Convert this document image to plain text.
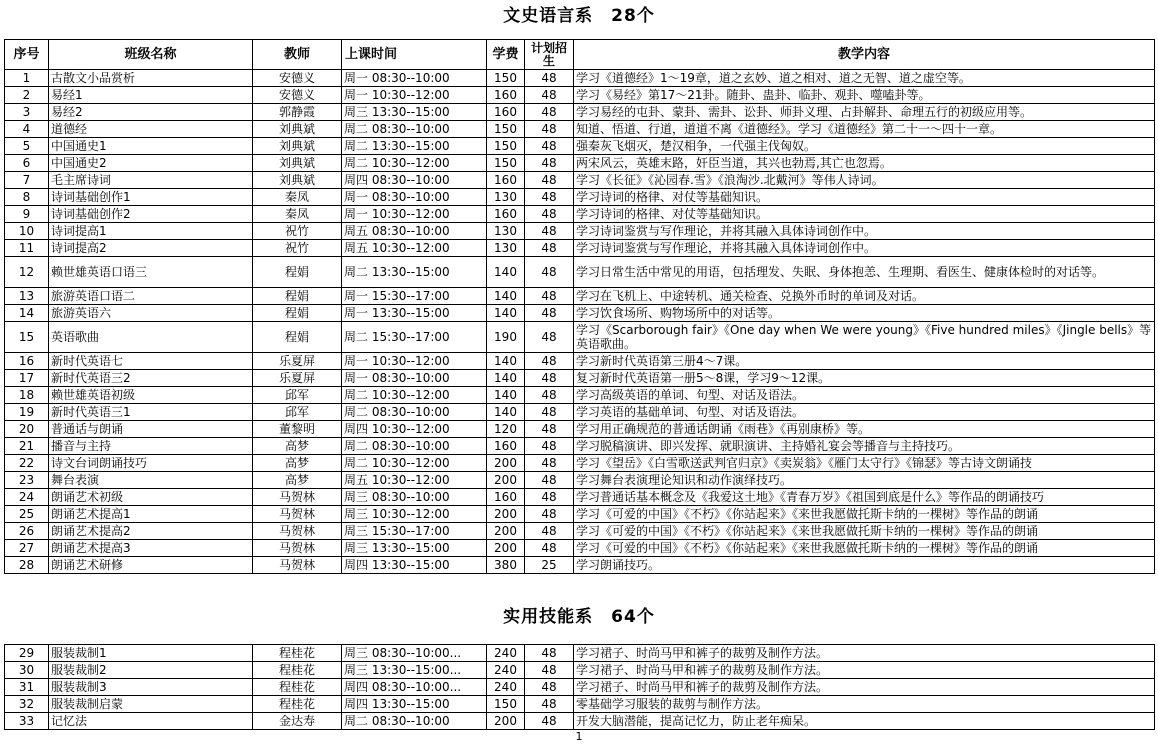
文史语言系　28个
序号	班级名称	教师	上课时间	学费	计划招生	教学内容
1	古散文小品赏析	安德义	周一 08:30--10:00	150	48	学习《道德经》1～19章，道之玄妙、道之相对、道之无智、道之虚空等。
2	易经1	安德义	周一 10:30--12:00	160	48	学习《易经》第17～21卦。随卦、蛊卦、临卦、观卦、噬嗑卦等。
3	易经2	郭静霞	周三 13:30--15:00	160	48	学习易经的屯卦、蒙卦、需卦、讼卦、师卦义理、占卦解卦、命理五行的初级应用等。
4	道德经	刘典斌	周二 08:30--10:00	150	48	知道、悟道、行道，道道不离《道德经》。学习《道德经》第二十一～四十一章。
5	中国通史1	刘典斌	周二 13:30--15:00	150	48	强秦灰飞烟灭，楚汉相争，一代强主伐匈奴。
6	中国通史2	刘典斌	周二 10:30--12:00	150	48	两宋风云，英雄末路，奸臣当道，其兴也勃焉,其亡也忽焉。
7	毛主席诗词	刘典斌	周四 08:30--10:00	160	48	学习《长征》《沁园春.雪》《浪淘沙.北戴河》等伟人诗词。
8	诗词基础创作1	秦凤	周一 08:30--10:00	130	48	学习诗词的格律、对仗等基础知识。
9	诗词基础创作2	秦凤	周一 10:30--12:00	160	48	学习诗词的格律、对仗等基础知识。
10	诗词提高1	祝竹	周五 08:30--10:00	130	48	学习诗词鉴赏与写作理论，并将其融入具体诗词创作中。
11	诗词提高2	祝竹	周五 10:30--12:00	130	48	学习诗词鉴赏与写作理论，并将其融入具体诗词创作中。
12	赖世雄英语口语三	程娟	周二 13:30--15:00	140	48	学习日常生活中常见的用语，包括理发、失眠、身体抱恙、生理期、看医生、健康体检时的对话等。
13	旅游英语口语二	程娟	周一 15:30--17:00	140	48	学习在飞机上、中途转机、通关检查、兑换外币时的单词及对话。
14	旅游英语六	程娟	周一 13:30--15:00	140	48	学习饮食场所、购物场所中的对话等。
15	英语歌曲	程娟	周二 15:30--17:00	190	48	学习《Scarborough fair》《One day when We were young》《Five hundred miles》《Jingle bells》等英语歌曲。
16	新时代英语七	乐夏屏	周一 10:30--12:00	140	48	学习新时代英语第三册4～7课。
17	新时代英语三2	乐夏屏	周一 08:30--10:00	140	48	复习新时代英语第一册5～8课，学习9～12课。
18	赖世雄英语初级	邱军	周二 10:30--12:00	140	48	学习高级英语的单词、句型、对话及语法。
19	新时代英语三1	邱军	周二 08:30--10:00	140	48	学习英语的基础单词、句型、对话及语法。
20	普通话与朗诵	董黎明	周四 10:30--12:00	120	48	学习用正确规范的普通话朗诵《雨巷》《再别康桥》等。
21	播音与主持	高梦	周二 08:30--10:00	160	48	学习脱稿演讲、即兴发挥、就职演讲、主持婚礼宴会等播音与主持技巧。
22	诗文台词朗诵技巧	高梦	周二 10:30--12:00	200	48	学习《望岳》《白雪歌送武判官归京》《卖炭翁》《雁门太守行》《锦瑟》等古诗文朗诵技
23	舞台表演	高梦	周五 10:30--12:00	200	48	学习舞台表演理论知识和动作演绎技巧。
24	朗诵艺术初级	马贺林	周三 08:30--10:00	160	48	学习普通话基本概念及《我爱这土地》《青春万岁》《祖国到底是什么》等作品的朗诵技巧
25	朗诵艺术提高1	马贺林	周三 10:30--12:00	200	48	学习《可爱的中国》《不朽》《你站起来》《来世我愿做托斯卡纳的一棵树》等作品的朗诵
26	朗诵艺术提高2	马贺林	周三 15:30--17:00	200	48	学习《可爱的中国》《不朽》《你站起来》《来世我愿做托斯卡纳的一棵树》等作品的朗诵
27	朗诵艺术提高3	马贺林	周三 13:30--15:00	200	48	学习《可爱的中国》《不朽》《你站起来》《来世我愿做托斯卡纳的一棵树》等作品的朗诵
28	朗诵艺术研修	马贺林	周四 13:30--15:00	380	25	学习朗诵技巧。
实用技能系　64个
29	服装裁制1	程桂花	周三 08:30--10:00...	240	48	学习裙子、时尚马甲和裤子的裁剪及制作方法。
30	服装裁制2	程桂花	周三 13:30--15:00...	240	48	学习裙子、时尚马甲和裤子的裁剪及制作方法。
31	服装裁制3	程桂花	周四 08:30--10:00...	240	48	学习裙子、时尚马甲和裤子的裁剪及制作方法。
32	服装裁制启蒙	程桂花	周四 13:30--15:00	150	48	零基础学习服装的裁剪与制作方法。
33	记忆法	金达寿	周二 08:30--10:00	200	48	开发大脑潜能，提高记忆力，防止老年痴呆。
1
